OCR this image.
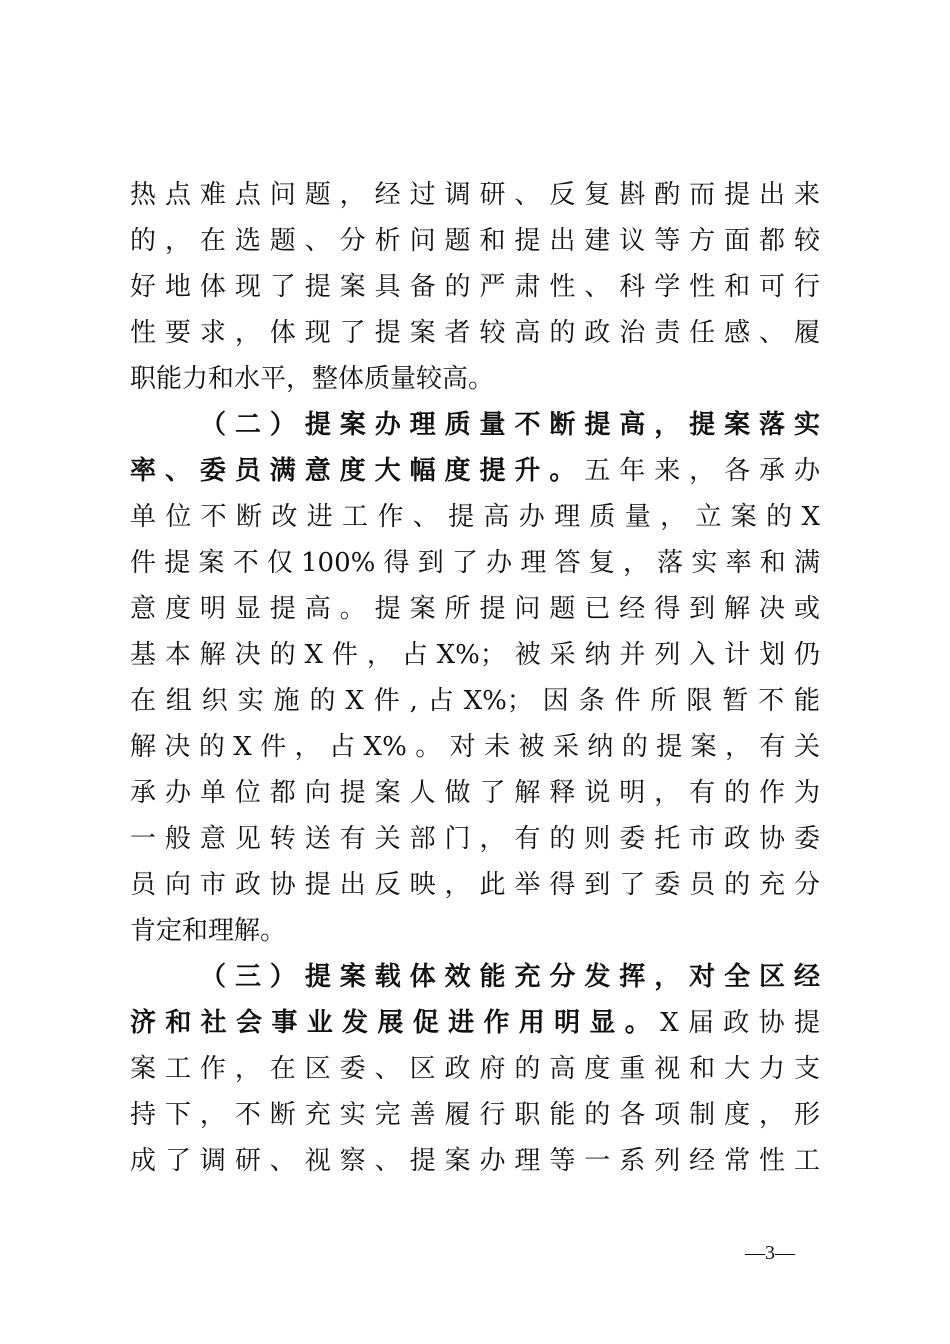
热点难点问题，经过调研、反复斟酌而提出来
的，在选题、分析问题和提出建议等方面都较
好地体现了提案具备的严肃性、科学性和可行
性要求，体现了提案者较高的政治责任感、履
职能力和水平，整体质量较高。
（二）提案办理质量不断提高，提案落实
率、委员满意度大幅度提升。五年来，各承办
单位不断改进工作、提高办理质量，立案的X
件提案不仅100%得到了办理答复，落实率和满
意度明显提高。提案所提问题已经得到解决或
基本解决的X件，占X%；被采纳并列入计划仍
在组织实施的X件,占X%；因条件所限暂不能
解决的X件，占X%。对未被采纳的提案，有关
承办单位都向提案人做了解释说明，有的作为
一般意见转送有关部门，有的则委托市政协委
员向市政协提出反映，此举得到了委员的充分
肯定和理解。
（三）提案载体效能充分发挥，对全区经
济和社会事业发展促进作用明显。X届政协提
案工作，在区委、区政府的高度重视和大力支
持下，不断充实完善履行职能的各项制度，形
成了调研、视察、提案办理等一系列经常性工
—3—
